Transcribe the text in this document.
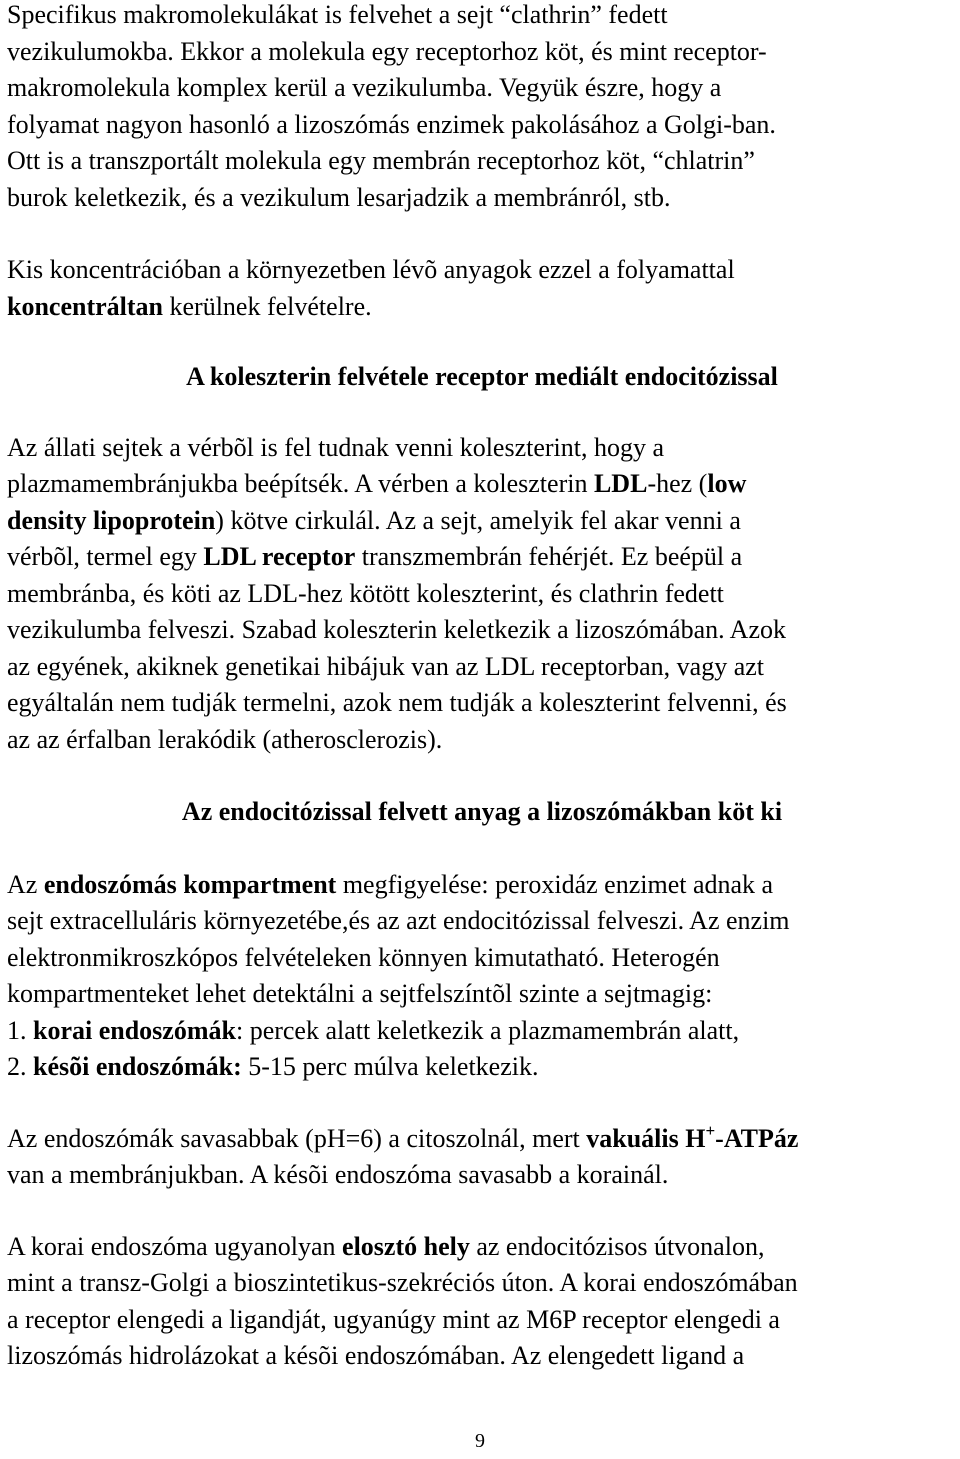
Specifikus makromolekulákat is felvehet a sejt “clathrin” fedett
vezikulumokba. Ekkor a molekula egy receptorhoz köt, és mint receptor-
makromolekula komplex kerül a vezikulumba. Vegyük észre, hogy a
folyamat nagyon hasonló a lizoszómás enzimek pakolásához a Golgi-ban.
Ott is a transzportált molekula egy membrán receptorhoz köt, “chlatrin”
burok keletkezik, és a vezikulum lesarjadzik a membránról, stb.

Kis koncentrációban a környezetben lévõ anyagok ezzel a folyamattal
koncentráltan kerülnek felvételre.

A koleszterin felvétele receptor mediált endocitózissal

Az állati sejtek a vérbõl is fel tudnak venni koleszterint, hogy a
plazmamembránjukba beépítsék. A vérben a koleszterin LDL-hez (low
density lipoprotein) kötve cirkulál. Az a sejt, amelyik fel akar venni a
vérbõl, termel egy LDL receptor transzmembrán fehérjét. Ez beépül a
membránba, és köti az LDL-hez kötött koleszterint, és clathrin fedett
vezikulumba felveszi. Szabad koleszterin keletkezik a lizoszómában. Azok
az egyének, akiknek genetikai hibájuk van az LDL receptorban, vagy azt
egyáltalán nem tudják termelni, azok nem tudják a koleszterint felvenni, és
az az érfalban lerakódik (atherosclerozis).

Az endocitózissal felvett anyag a lizoszómákban köt ki

Az endoszómás kompartment megfigyelése: peroxidáz enzimet adnak a
sejt extracelluláris környezetébe,és az azt endocitózissal felveszi. Az enzim
elektronmikroszkópos felvételeken könnyen kimutatható. Heterogén
kompartmenteket lehet detektálni a sejtfelszíntõl szinte a sejtmagig:
1. korai endoszómák: percek alatt keletkezik a plazmamembrán alatt,
2. késõi endoszómák: 5-15 perc múlva keletkezik.

Az endoszómák savasabbak (pH=6) a citoszolnál, mert vakuális H+-ATPáz
van a membránjukban. A késõi endoszóma savasabb a korainál.

A korai endoszóma ugyanolyan elosztó hely az endocitózisos útvonalon,
mint a transz-Golgi a bioszintetikus-szekréciós úton. A korai endoszómában
a receptor elengedi a ligandját, ugyanúgy mint az M6P receptor elengedi a
lizoszómás hidrolázokat a késõi endoszómában. Az elengedett ligand a

9
